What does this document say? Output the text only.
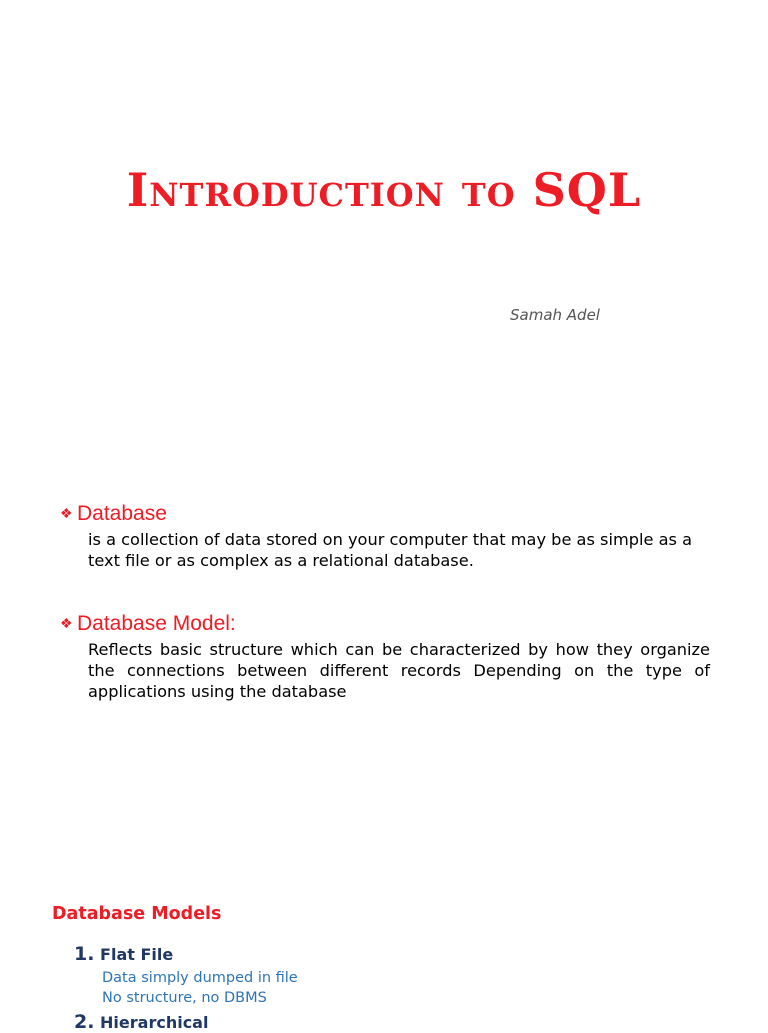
Introduction to SQL

Samah Adel

❖ Database

is a collection of data stored on your computer that may be as simple as a text file or as complex as a relational database.

❖ Database Model:

Reflects basic structure which can be characterized by how they organize the connections between different records Depending on the type of applications using the database

Database Models

1. Flat File

Data simply dumped in file
No structure, no DBMS

2. Hierarchical
